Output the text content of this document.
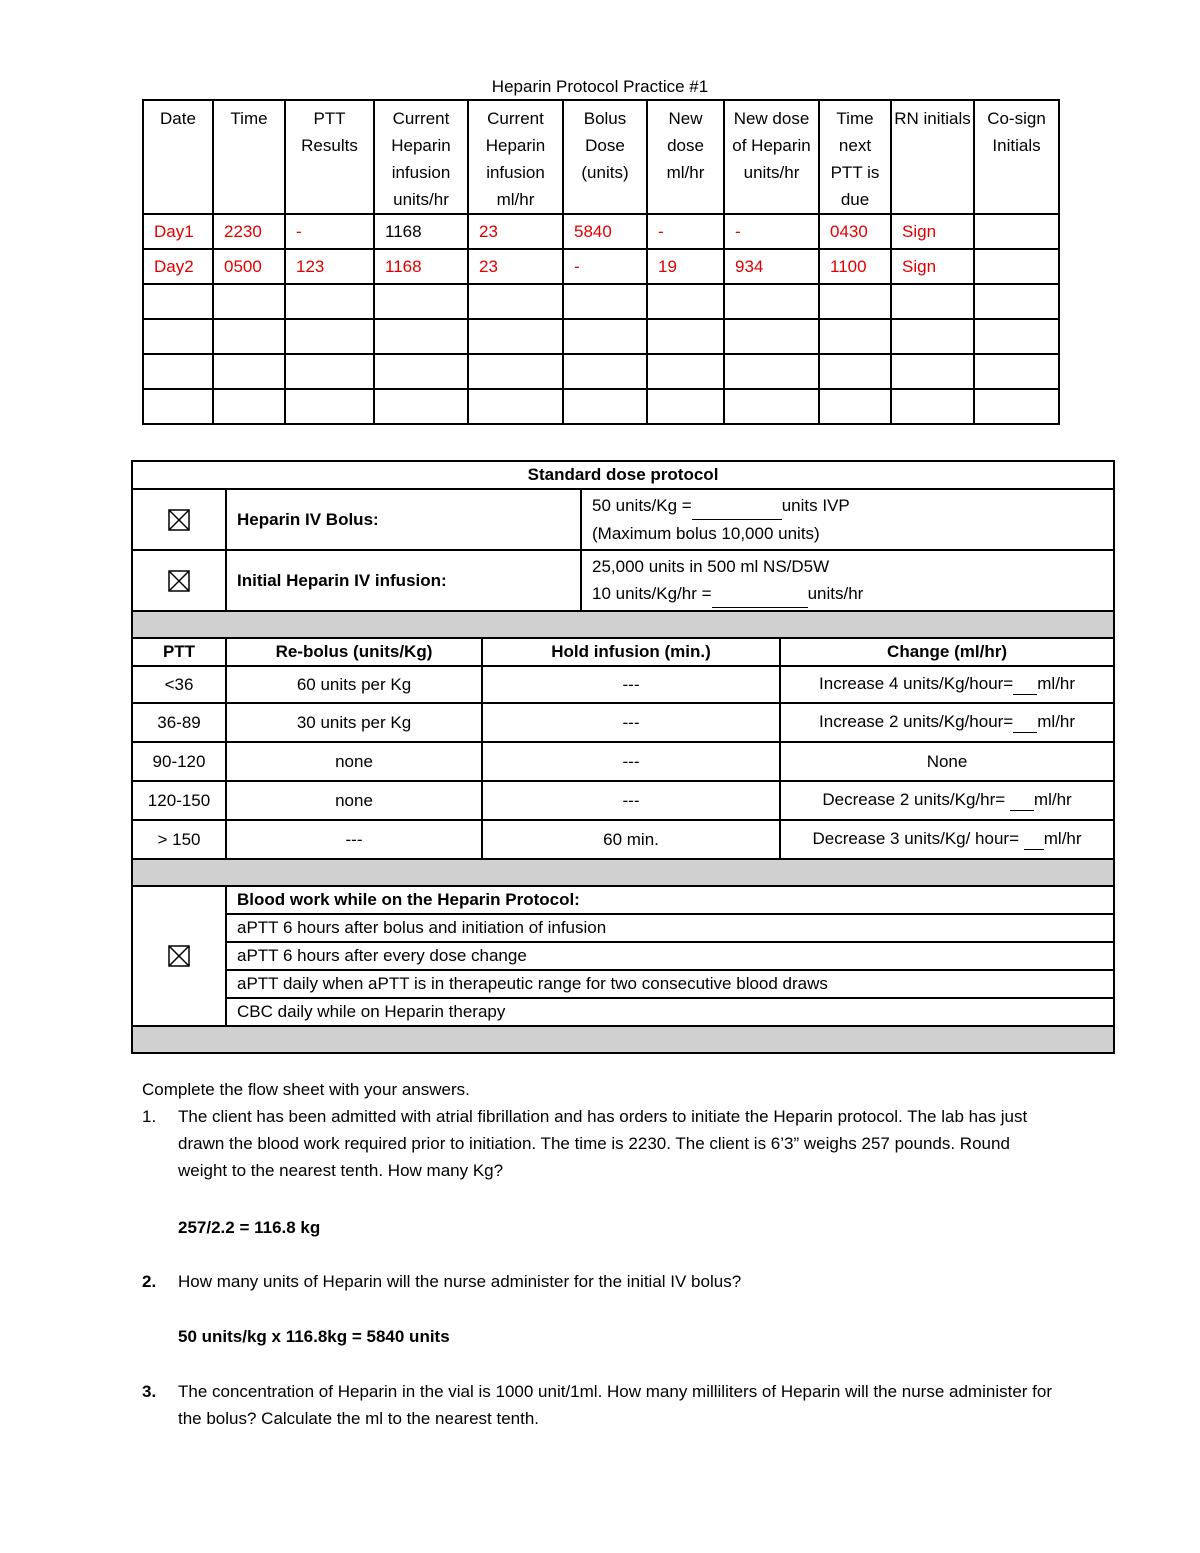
Heparin Protocol Practice #1
Date	Time	PTT Results	Current Heparin infusion units/hr	Current Heparin infusion ml/hr	Bolus Dose (units)	New dose ml/hr	New dose of Heparin units/hr	Time next PTT is due	RN initials	Co-sign Initials
Day1	2230	-	1168	23	5840	-	-	0430	Sign	
Day2	0500	123	1168	23	-	19	934	1100	Sign	

Standard dose protocol				
	Heparin IV Bolus:		50 units/Kg = units IVP
(Maximum bolus 10,000 units)	

	Initial Heparin IV infusion:		25,000 units in 500 ml NS/D5W
10 units/Kg/hr = units/hr	

PTT	Re-bolus (units/Kg)	Hold infusion (min.)		Change (ml/hr)
<36	60 units per Kg	---		Increase 4 units/Kg/hour= ml/hr
36-89	30 units per Kg	---		Increase 2 units/Kg/hour= ml/hr
90-120	none	---		None
120-150	none	---		Decrease 2 units/Kg/hr=  ml/hr
> 150	---	60 min.		Decrease 3 units/Kg/ hour=  ml/hr

	Blood work while on the Heparin Protocol:			
	aPTT 6 hours after bolus and initiation of infusion			
	aPTT 6 hours after every dose change			
	aPTT daily when aPTT is in therapeutic range for two consecutive blood draws			
	CBC daily while on Heparin therapy			

Complete the flow sheet with your answers.

1. The client has been admitted with atrial fibrillation and has orders to initiate the Heparin protocol. The lab has just drawn the blood work required prior to initiation. The time is 2230. The client is 6’3” weighs 257 pounds. Round weight to the nearest tenth. How many Kg?

257/2.2 = 116.8 kg

2. How many units of Heparin will the nurse administer for the initial IV bolus?

50 units/kg x 116.8kg = 5840 units

3. The concentration of Heparin in the vial is 1000 unit/1ml. How many milliliters of Heparin will the nurse administer for the bolus? Calculate the ml to the nearest tenth.
